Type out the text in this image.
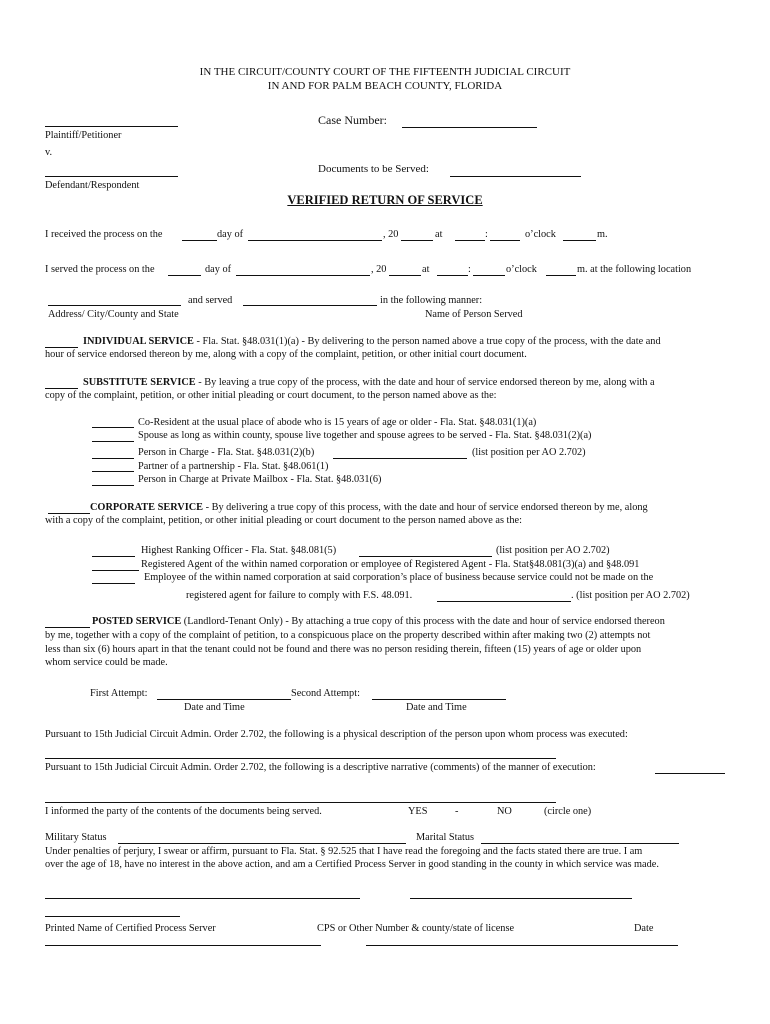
IN THE CIRCUIT/COUNTY COURT OF THE FIFTEENTH JUDICIAL CIRCUIT
IN AND FOR PALM BEACH COUNTY, FLORIDA
Plaintiff/Petitioner
v.
Defendant/Respondent
Case Number:
Documents to be Served:
VERIFIED RETURN OF SERVICE
I received the process on the	day of	, 20	at	:	o’clock	m.
I served the process on the	day of	, 20	at	:	o’clock	m. at the following location
and served	in the following manner:
Address/ City/County and State	Name of Person Served
INDIVIDUAL SERVICE - Fla. Stat. §48.031(1)(a) - By delivering to the person named above a true copy of the process, with the date and
hour of service endorsed thereon by me, along with a copy of the complaint, petition, or other initial court document.
SUBSTITUTE SERVICE - By leaving a true copy of the process, with the date and hour of service endorsed thereon by me, along with a
copy of the complaint, petition, or other initial pleading or court document, to the person named above as the:
Co-Resident at the usual place of abode who is 15 years of age or older - Fla. Stat. §48.031(1)(a)
Spouse as long as within county, spouse live together and spouse agrees to be served - Fla. Stat. §48.031(2)(a)
Person in Charge - Fla. Stat. §48.031(2)(b)	(list position per AO 2.702)
Partner of a partnership - Fla. Stat. §48.061(1)
Person in Charge at Private Mailbox - Fla. Stat. §48.031(6)
CORPORATE SERVICE - By delivering a true copy of this process, with the date and hour of service endorsed thereon by me, along
with a copy of the complaint, petition, or other initial pleading or court document to the person named above as the:
Highest Ranking Officer - Fla. Stat. §48.081(5)	(list position per AO 2.702)
Registered Agent of the within named corporation or employee of Registered Agent - Fla. Stat§48.081(3)(a) and §48.091
Employee of the within named corporation at said corporation’s place of business because service could not be made on the
registered agent for failure to comply with F.S. 48.091.	. (list position per AO 2.702)
POSTED SERVICE (Landlord-Tenant Only) - By attaching a true copy of this process with the date and hour of service endorsed thereon
by me, together with a copy of the complaint of petition, to a conspicuous place on the property described within after making two (2) attempts not
less than six (6) hours apart in that the tenant could not be found and there was no person residing therein, fifteen (15) years of age or older upon
whom service could be made.
First Attempt:	Second Attempt:
Date and Time	Date and Time
Pursuant to 15th Judicial Circuit Admin. Order 2.702, the following is a physical description of the person upon whom process was executed:
Pursuant to 15th Judicial Circuit Admin. Order 2.702, the following is a descriptive narrative (comments) of the manner of execution:
I informed the party of the contents of the documents being served.	YES	-	NO	(circle one)
Military Status	Marital Status
Under penalties of perjury, I swear or affirm, pursuant to Fla. Stat. § 92.525 that I have read the foregoing and the facts stated there are true. I am
over the age of 18, have no interest in the above action, and am a Certified Process Server in good standing in the county in which service was made.
Printed Name of Certified Process Server	CPS or Other Number & county/state of license	Date
